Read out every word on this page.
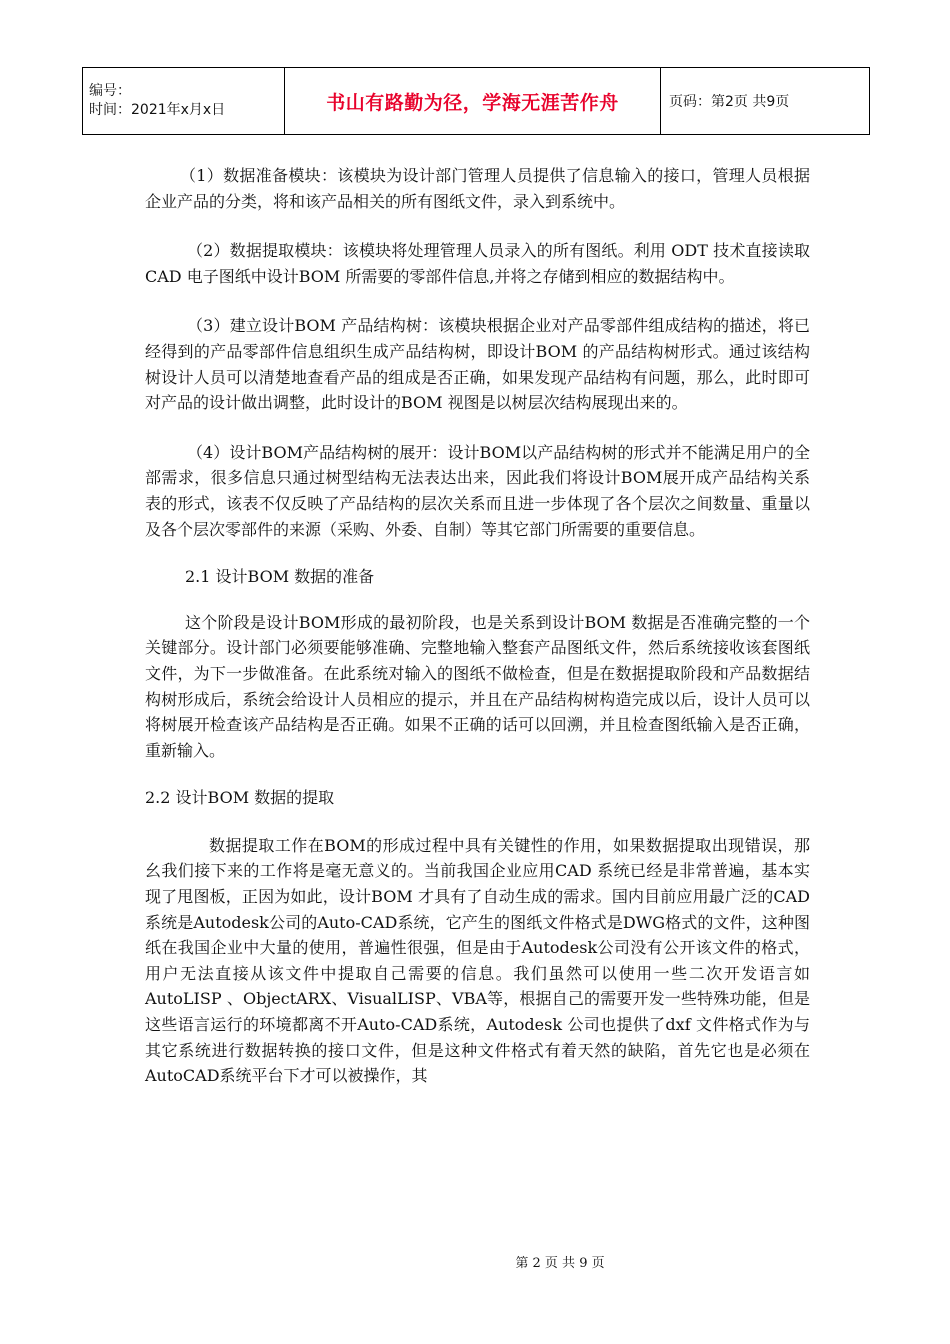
编号：
时间：2021年x月x日	书山有路勤为径，学海无涯苦作舟	页码：第2页 共9页

（1）数据准备模块：该模块为设计部门管理人员提供了信息输入的接口，管理人员根据企业产品的分类，将和该产品相关的所有图纸文件，录入到系统中。

（2）数据提取模块：该模块将处理管理人员录入的所有图纸。利用 ODT 技术直接读取CAD 电子图纸中设计BOM 所需要的零部件信息,并将之存储到相应的数据结构中。

（3）建立设计BOM 产品结构树：该模块根据企业对产品零部件组成结构的描述，将已经得到的产品零部件信息组织生成产品结构树，即设计BOM 的产品结构树形式。通过该结构树设计人员可以清楚地查看产品的组成是否正确，如果发现产品结构有问题，那么，此时即可对产品的设计做出调整，此时设计的BOM 视图是以树层次结构展现出来的。

（4）设计BOM产品结构树的展开：设计BOM以产品结构树的形式并不能满足用户的全部需求，很多信息只通过树型结构无法表达出来，因此我们将设计BOM展开成产品结构关系表的形式，该表不仅反映了产品结构的层次关系而且进一步体现了各个层次之间数量、重量以及各个层次零部件的来源（采购、外委、自制）等其它部门所需要的重要信息。

2.1 设计BOM 数据的准备

这个阶段是设计BOM形成的最初阶段，也是关系到设计BOM 数据是否准确完整的一个关键部分。设计部门必须要能够准确、完整地输入整套产品图纸文件，然后系统接收该套图纸文件，为下一步做准备。在此系统对输入的图纸不做检查，但是在数据提取阶段和产品数据结构树形成后，系统会给设计人员相应的提示，并且在产品结构树构造完成以后，设计人员可以将树展开检查该产品结构是否正确。如果不正确的话可以回溯，并且检查图纸输入是否正确，重新输入。

2.2 设计BOM 数据的提取

数据提取工作在BOM的形成过程中具有关键性的作用，如果数据提取出现错误，那幺我们接下来的工作将是毫无意义的。当前我国企业应用CAD 系统已经是非常普遍，基本实现了甩图板，正因为如此，设计BOM 才具有了自动生成的需求。国内目前应用最广泛的CAD系统是Autodesk公司的Auto-CAD系统，它产生的图纸文件格式是DWG格式的文件，这种图纸在我国企业中大量的使用，普遍性很强，但是由于Autodesk公司没有公开该文件的格式，用户无法直接从该文件中提取自己需要的信息。我们虽然可以使用一些二次开发语言如AutoLISP 、ObjectARX、VisualLISP、VBA等，根据自己的需要开发一些特殊功能，但是这些语言运行的环境都离不开Auto-CAD系统，Autodesk 公司也提供了dxf 文件格式作为与其它系统进行数据转换的接口文件，但是这种文件格式有着天然的缺陷，首先它也是必须在AutoCAD系统平台下才可以被操作，其

第 2 页 共 9 页
